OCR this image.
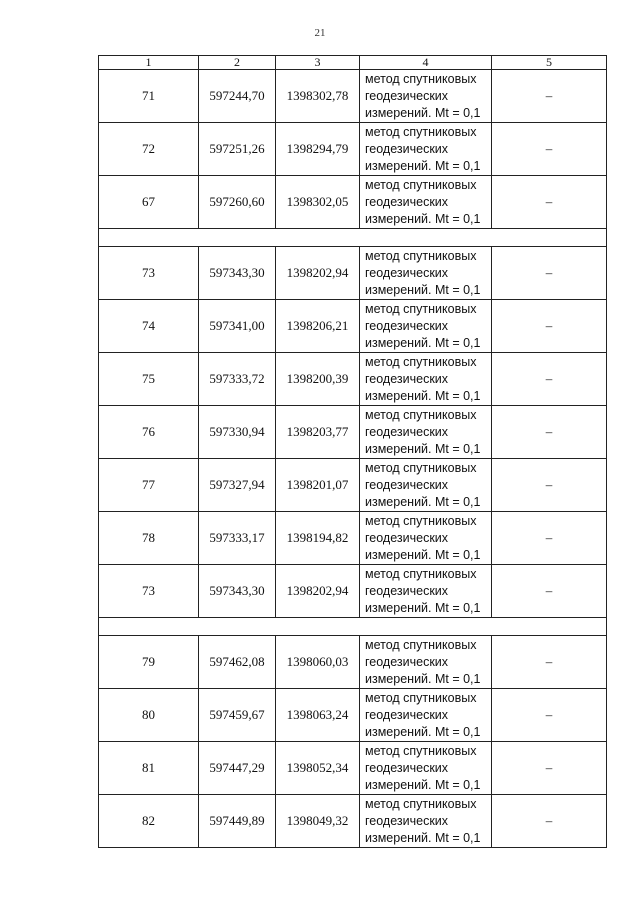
21
1	2	3	4	5
71	597244,70	1398302,78	метод спутниковых
геодезических
измерений. Mt = 0,1	–
72	597251,26	1398294,79	метод спутниковых
геодезических
измерений. Mt = 0,1	–
67	597260,60	1398302,05	метод спутниковых
геодезических
измерений. Mt = 0,1	–

73	597343,30	1398202,94	метод спутниковых
геодезических
измерений. Mt = 0,1	–
74	597341,00	1398206,21	метод спутниковых
геодезических
измерений. Mt = 0,1	–
75	597333,72	1398200,39	метод спутниковых
геодезических
измерений. Mt = 0,1	–
76	597330,94	1398203,77	метод спутниковых
геодезических
измерений. Mt = 0,1	–
77	597327,94	1398201,07	метод спутниковых
геодезических
измерений. Mt = 0,1	–
78	597333,17	1398194,82	метод спутниковых
геодезических
измерений. Mt = 0,1	–
73	597343,30	1398202,94	метод спутниковых
геодезических
измерений. Mt = 0,1	–

79	597462,08	1398060,03	метод спутниковых
геодезических
измерений. Mt = 0,1	–
80	597459,67	1398063,24	метод спутниковых
геодезических
измерений. Mt = 0,1	–
81	597447,29	1398052,34	метод спутниковых
геодезических
измерений. Mt = 0,1	–
82	597449,89	1398049,32	метод спутниковых
геодезических
измерений. Mt = 0,1	–
